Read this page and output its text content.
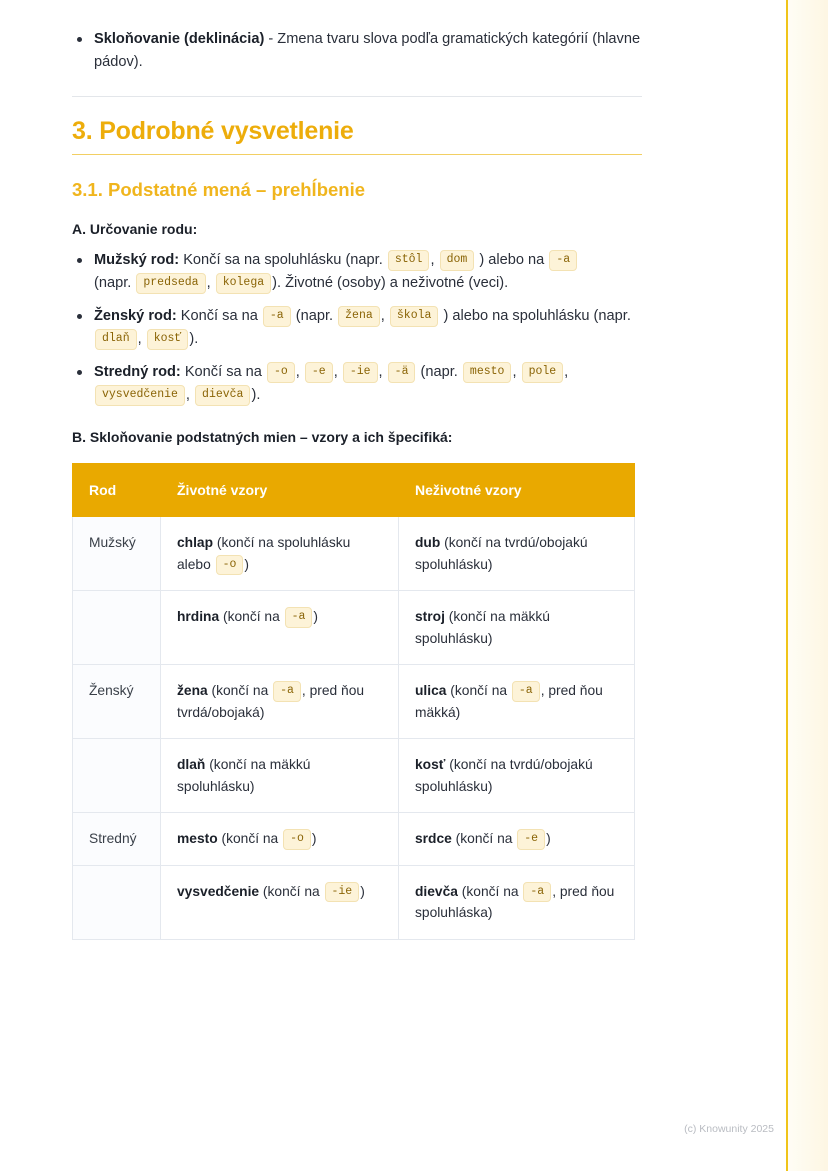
Skloňovanie (deklinácia) - Zmena tvaru slova podľa gramatických kategórií (hlavne pádov).
3. Podrobné vysvetlenie
3.1. Podstatné mená – prehĺbenie

A. Určovanie rodu:

Mužský rod: Končí sa na spoluhlásku (napr. stôl , dom ) alebo na -a
(napr. predseda , kolega ). Životné (osoby) a neživotné (veci).
Ženský rod: Končí sa na -a (napr. žena , škola ) alebo na spoluhlásku (napr. dlaň , kosť ).
Stredný rod: Končí sa na -o , -e , -ie , -ä (napr. mesto , pole ,
vysvedčenie , dievča ).

B. Skloňovanie podstatných mien – vzory a ich špecifiká:

Rod	Životné vzory	Neživotné vzory
Mužský	chlap (končí na spoluhlásku alebo -o )	dub (končí na tvrdú/obojakú spoluhlásku)
	hrdina (končí na -a )	stroj (končí na mäkkú spoluhlásku)
Ženský	žena (končí na -a , pred ňou tvrdá/obojaká)	ulica (končí na -a , pred ňou mäkká)
	dlaň (končí na mäkkú spoluhlásku)	kosť (končí na tvrdú/obojakú spoluhlásku)
Stredný	mesto (končí na -o )	srdce (končí na -e )
	vysvedčenie (končí na -ie )	dievča (končí na -a , pred ňou spoluhláska)
(c) Knowunity 2025
